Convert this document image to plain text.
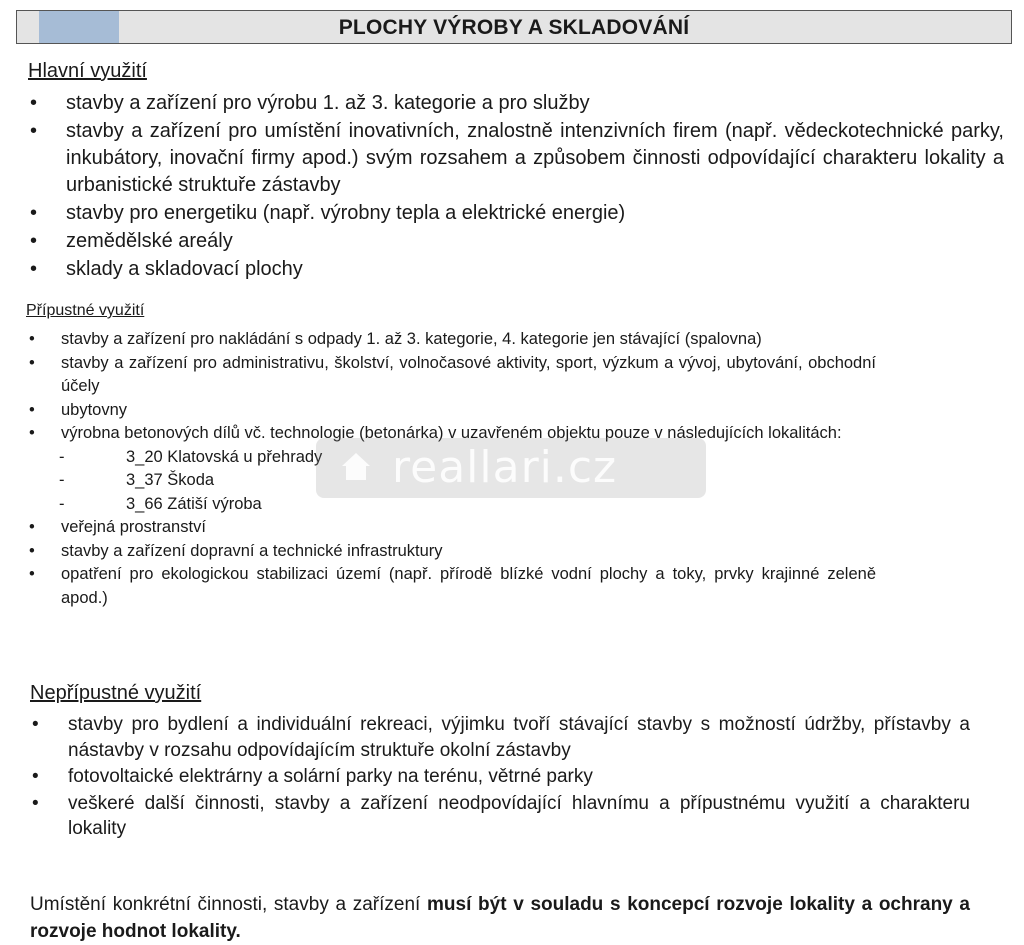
PLOCHY VÝROBY A SKLADOVÁNÍ
Hlavní využití
• stavby a zařízení pro výrobu 1. až 3. kategorie a pro služby
• stavby a zařízení pro umístění inovativních, znalostně intenzivních firem (např. vědeckotechnické parky, inkubátory, inovační firmy apod.) svým rozsahem a způsobem činnosti odpovídající charakteru lokality a urbanistické struktuře zástavby
• stavby pro energetiku (např. výrobny tepla a elektrické energie)
• zemědělské areály
• sklady a skladovací plochy
Přípustné využití
• stavby a zařízení pro nakládání s odpady 1. až 3. kategorie, 4. kategorie jen stávající (spalovna)
• stavby a zařízení pro administrativu, školství, volnočasové aktivity, sport, výzkum a vývoj, ubytování, obchodní účely
• ubytovny
• výrobna betonových dílů vč. technologie (betonárka) v uzavřeném objektu pouze v následujících lokalitách:
-	3_20 Klatovská u přehrady
-	3_37 Škoda
-	3_66 Zátiší výroba
• veřejná prostranství
• stavby a zařízení dopravní a technické infrastruktury
• opatření pro ekologickou stabilizaci území (např. přírodě blízké vodní plochy a toky, prvky krajinné zeleně apod.)
Nepřípustné využití
• stavby pro bydlení a individuální rekreaci, výjimku tvoří stávající stavby s možností údržby, přístavby a nástavby v rozsahu odpovídajícím struktuře okolní zástavby
• fotovoltaické elektrárny a solární parky na terénu, větrné parky
• veškeré další činnosti, stavby a zařízení neodpovídající hlavnímu a přípustnému využití a charakteru lokality

Umístění konkrétní činnosti, stavby a zařízení musí být v souladu s koncepcí rozvoje lokality a ochrany a rozvoje hodnot lokality.

reallari.cz
